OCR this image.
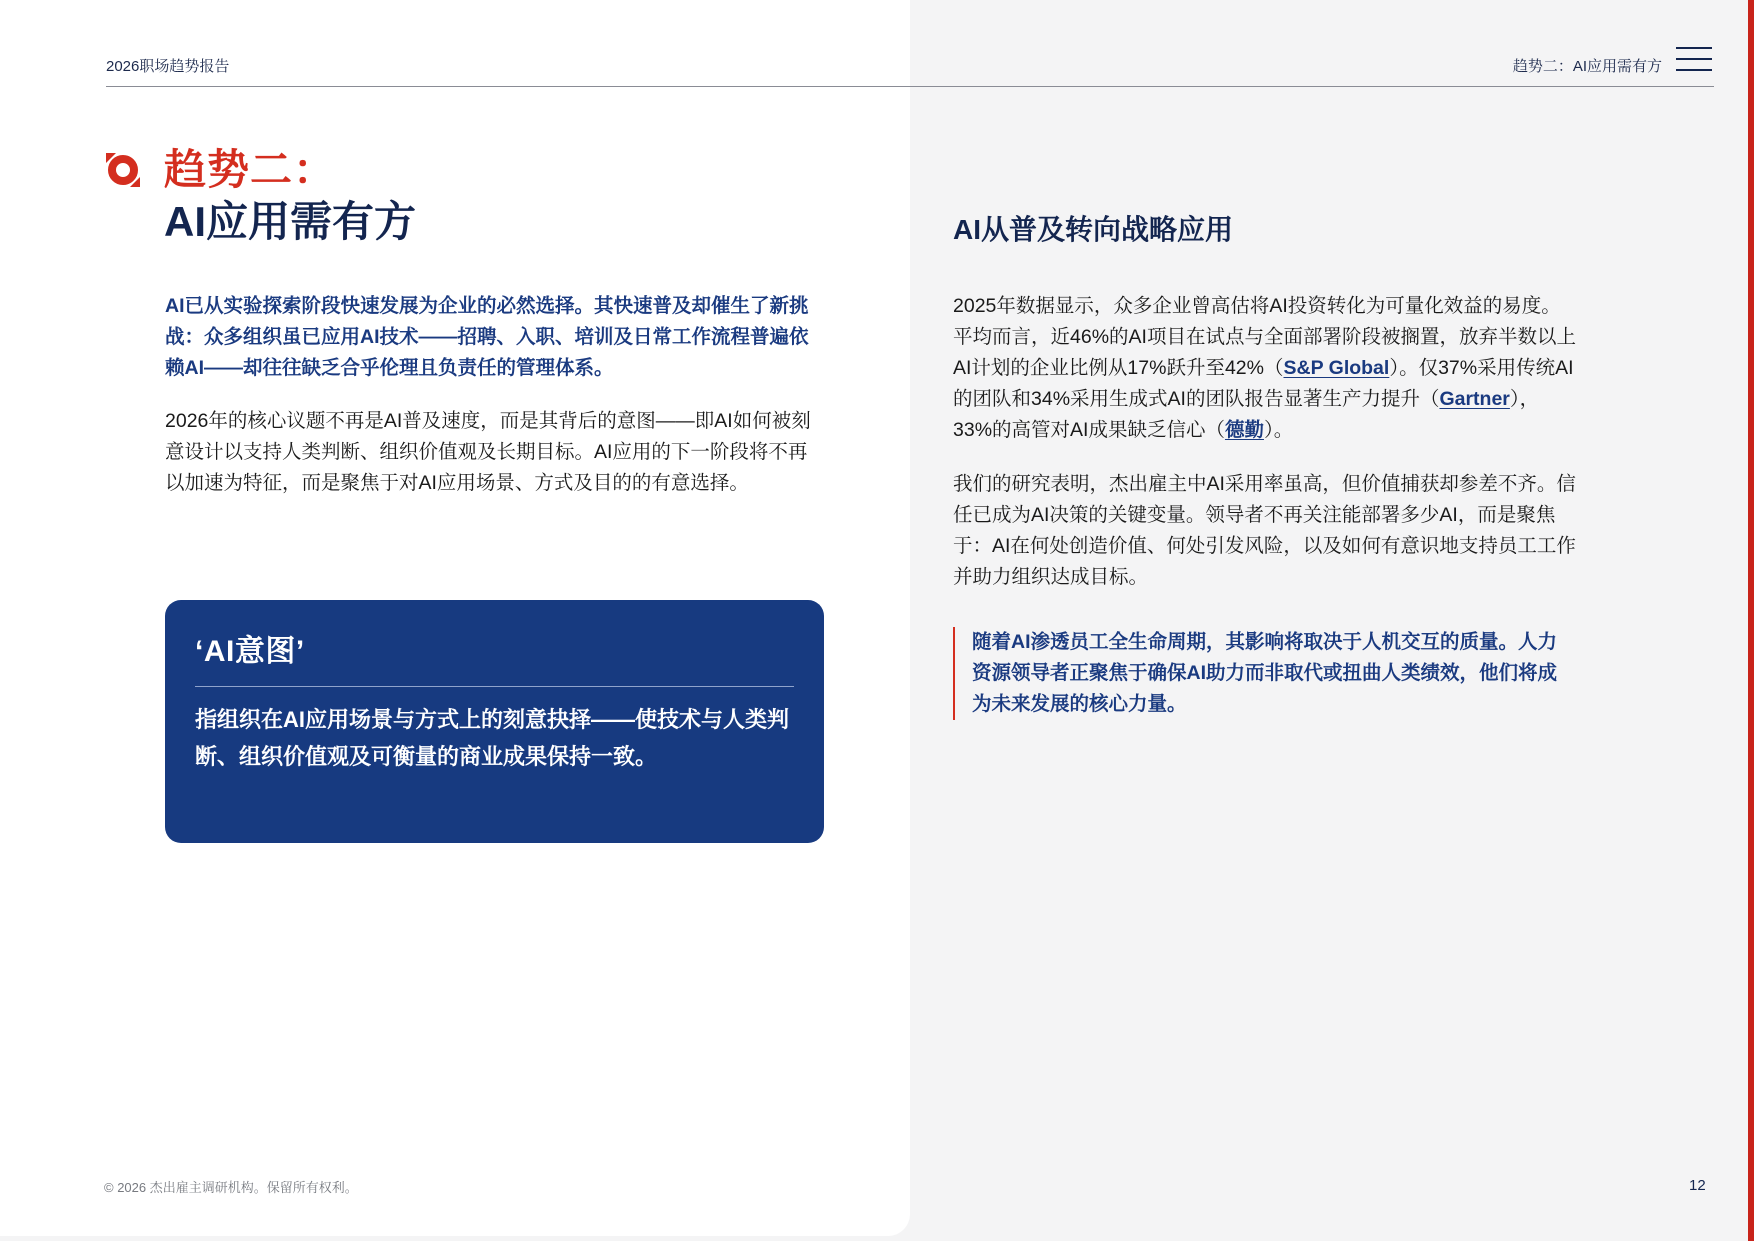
2026职场趋势报告	趋势二：AI应用需有方
趋势二：
AI应用需有方

AI已从实验探索阶段快速发展为企业的必然选择。其快速普及却催生了新挑战：众多组织虽已应用AI技术——招聘、入职、培训及日常工作流程普遍依赖AI——却往往缺乏合乎伦理且负责任的管理体系。

2026年的核心议题不再是AI普及速度，而是其背后的意图——即AI如何被刻意设计以支持人类判断、组织价值观及长期目标。AI应用的下一阶段将不再以加速为特征，而是聚焦于对AI应用场景、方式及目的的有意选择。

‘AI意图’
指组织在AI应用场景与方式上的刻意抉择——使技术与人类判断、组织价值观及可衡量的商业成果保持一致。
AI从普及转向战略应用

2025年数据显示，众多企业曾高估将AI投资转化为可量化效益的易度。平均而言，近46%的AI项目在试点与全面部署阶段被搁置，放弃半数以上AI计划的企业比例从17%跃升至42%（S&P Global）。仅37%采用传统AI的团队和34%采用生成式AI的团队报告显著生产力提升（Gartner），33%的高管对AI成果缺乏信心（德勤）。

我们的研究表明，杰出雇主中AI采用率虽高，但价值捕获却参差不齐。信任已成为AI决策的关键变量。领导者不再关注能部署多少AI，而是聚焦于：AI在何处创造价值、何处引发风险，以及如何有意识地支持员工工作并助力组织达成目标。

随着AI渗透员工全生命周期，其影响将取决于人机交互的质量。人力资源领导者正聚焦于确保AI助力而非取代或扭曲人类绩效，他们将成为未来发展的核心力量。
© 2026 杰出雇主调研机构。保留所有权利。	12
